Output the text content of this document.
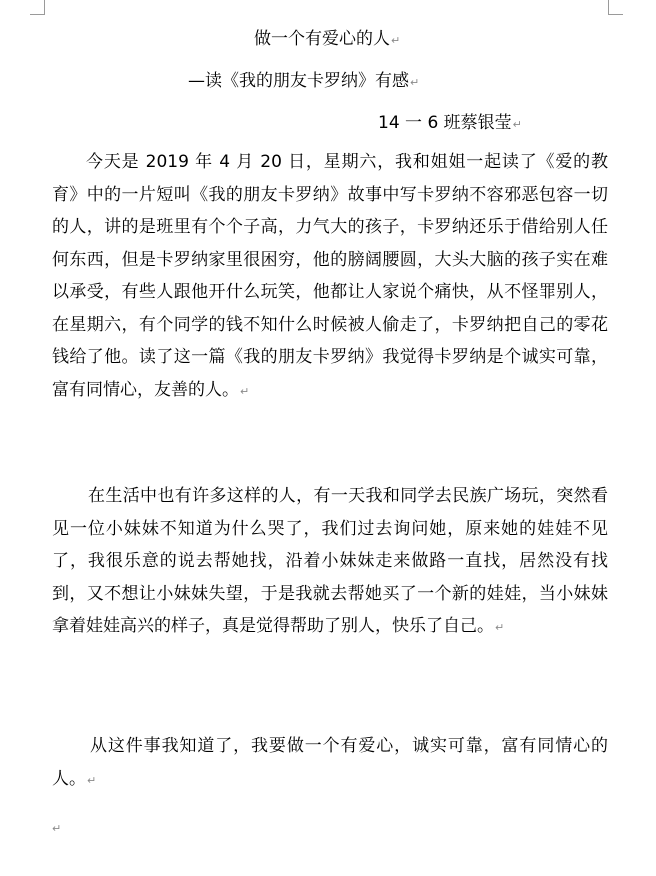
做一个有爱心的人↵
—读《我的朋友卡罗纳》有感↵
14 一 6 班蔡银莹↵

今天是 2019 年 4 月 20 日，星期六，我和姐姐一起读了《爱的教育》中的一片短叫《我的朋友卡罗纳》故事中写卡罗纳不容邪恶包容一切的人，讲的是班里有个个子高，力气大的孩子，卡罗纳还乐于借给别人任何东西，但是卡罗纳家里很困穷，他的膀阔腰圆，大头大脑的孩子实在难以承受，有些人跟他开什么玩笑，他都让人家说个痛快，从不怪罪别人，在星期六，有个同学的钱不知什么时候被人偷走了，卡罗纳把自己的零花钱给了他。读了这一篇《我的朋友卡罗纳》我觉得卡罗纳是个诚实可靠，富有同情心，友善的人。↵

在生活中也有许多这样的人，有一天我和同学去民族广场玩，突然看见一位小妹妹不知道为什么哭了，我们过去询问她，原来她的娃娃不见了，我很乐意的说去帮她找，沿着小妹妹走来做路一直找，居然没有找到，又不想让小妹妹失望，于是我就去帮她买了一个新的娃娃，当小妹妹拿着娃娃高兴的样子，真是觉得帮助了别人，快乐了自己。↵

从这件事我知道了，我要做一个有爱心，诚实可靠，富有同情心的人。↵

↵
